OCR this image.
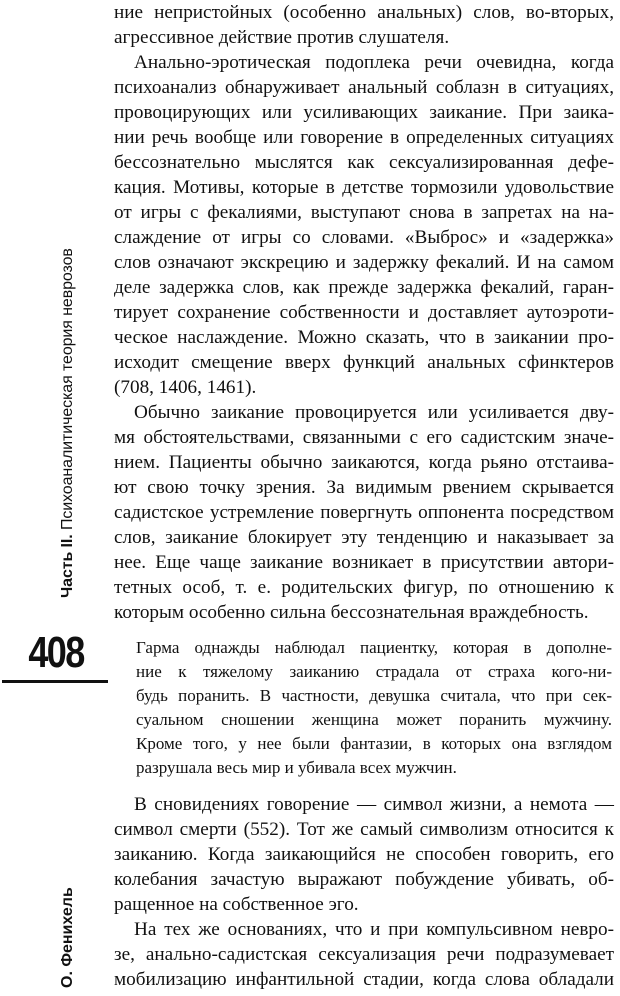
Часть II. Психоаналитическая теория неврозов
408
О. Фенихель
ние непристойных (особенно анальных) слов, во-вторых,
агрессивное действие против слушателя.
Анально-эротическая подоплека речи очевидна, когда
психоанализ обнаруживает анальный соблазн в ситуациях,
провоцирующих или усиливающих заикание. При заика-
нии речь вообще или говорение в определенных ситуациях
бессознательно мыслятся как сексуализированная дефе-
кация. Мотивы, которые в детстве тормозили удовольствие
от игры с фекалиями, выступают снова в запретах на на-
слаждение от игры со словами. «Выброс» и «задержка»
слов означают экскрецию и задержку фекалий. И на самом
деле задержка слов, как прежде задержка фекалий, гаран-
тирует сохранение собственности и доставляет аутоэроти-
ческое наслаждение. Можно сказать, что в заикании про-
исходит смещение вверх функций анальных сфинктеров
(708, 1406, 1461).
Обычно заикание провоцируется или усиливается дву-
мя обстоятельствами, связанными с его садистским значе-
нием. Пациенты обычно заикаются, когда рьяно отстаива-
ют свою точку зрения. За видимым рвением скрывается
садистское устремление повергнуть оппонента посредством
слов, заикание блокирует эту тенденцию и наказывает за
нее. Еще чаще заикание возникает в присутствии автори-
тетных особ, т. е. родительских фигур, по отношению к
которым особенно сильна бессознательная враждебность.
Гарма однажды наблюдал пациентку, которая в дополне-
ние к тяжелому заиканию страдала от страха кого-ни-
будь поранить. В частности, девушка считала, что при сек-
суальном сношении женщина может поранить мужчину.
Кроме того, у нее были фантазии, в которых она взглядом
разрушала весь мир и убивала всех мужчин.
В сновидениях говорение — символ жизни, а немота —
символ смерти (552). Тот же самый символизм относится к
заиканию. Когда заикающийся не способен говорить, его
колебания зачастую выражают побуждение убивать, об-
ращенное на собственное эго.
На тех же основаниях, что и при компульсивном невро-
зе, анально-садистская сексуализация речи подразумевает
мобилизацию инфантильной стадии, когда слова обладали
